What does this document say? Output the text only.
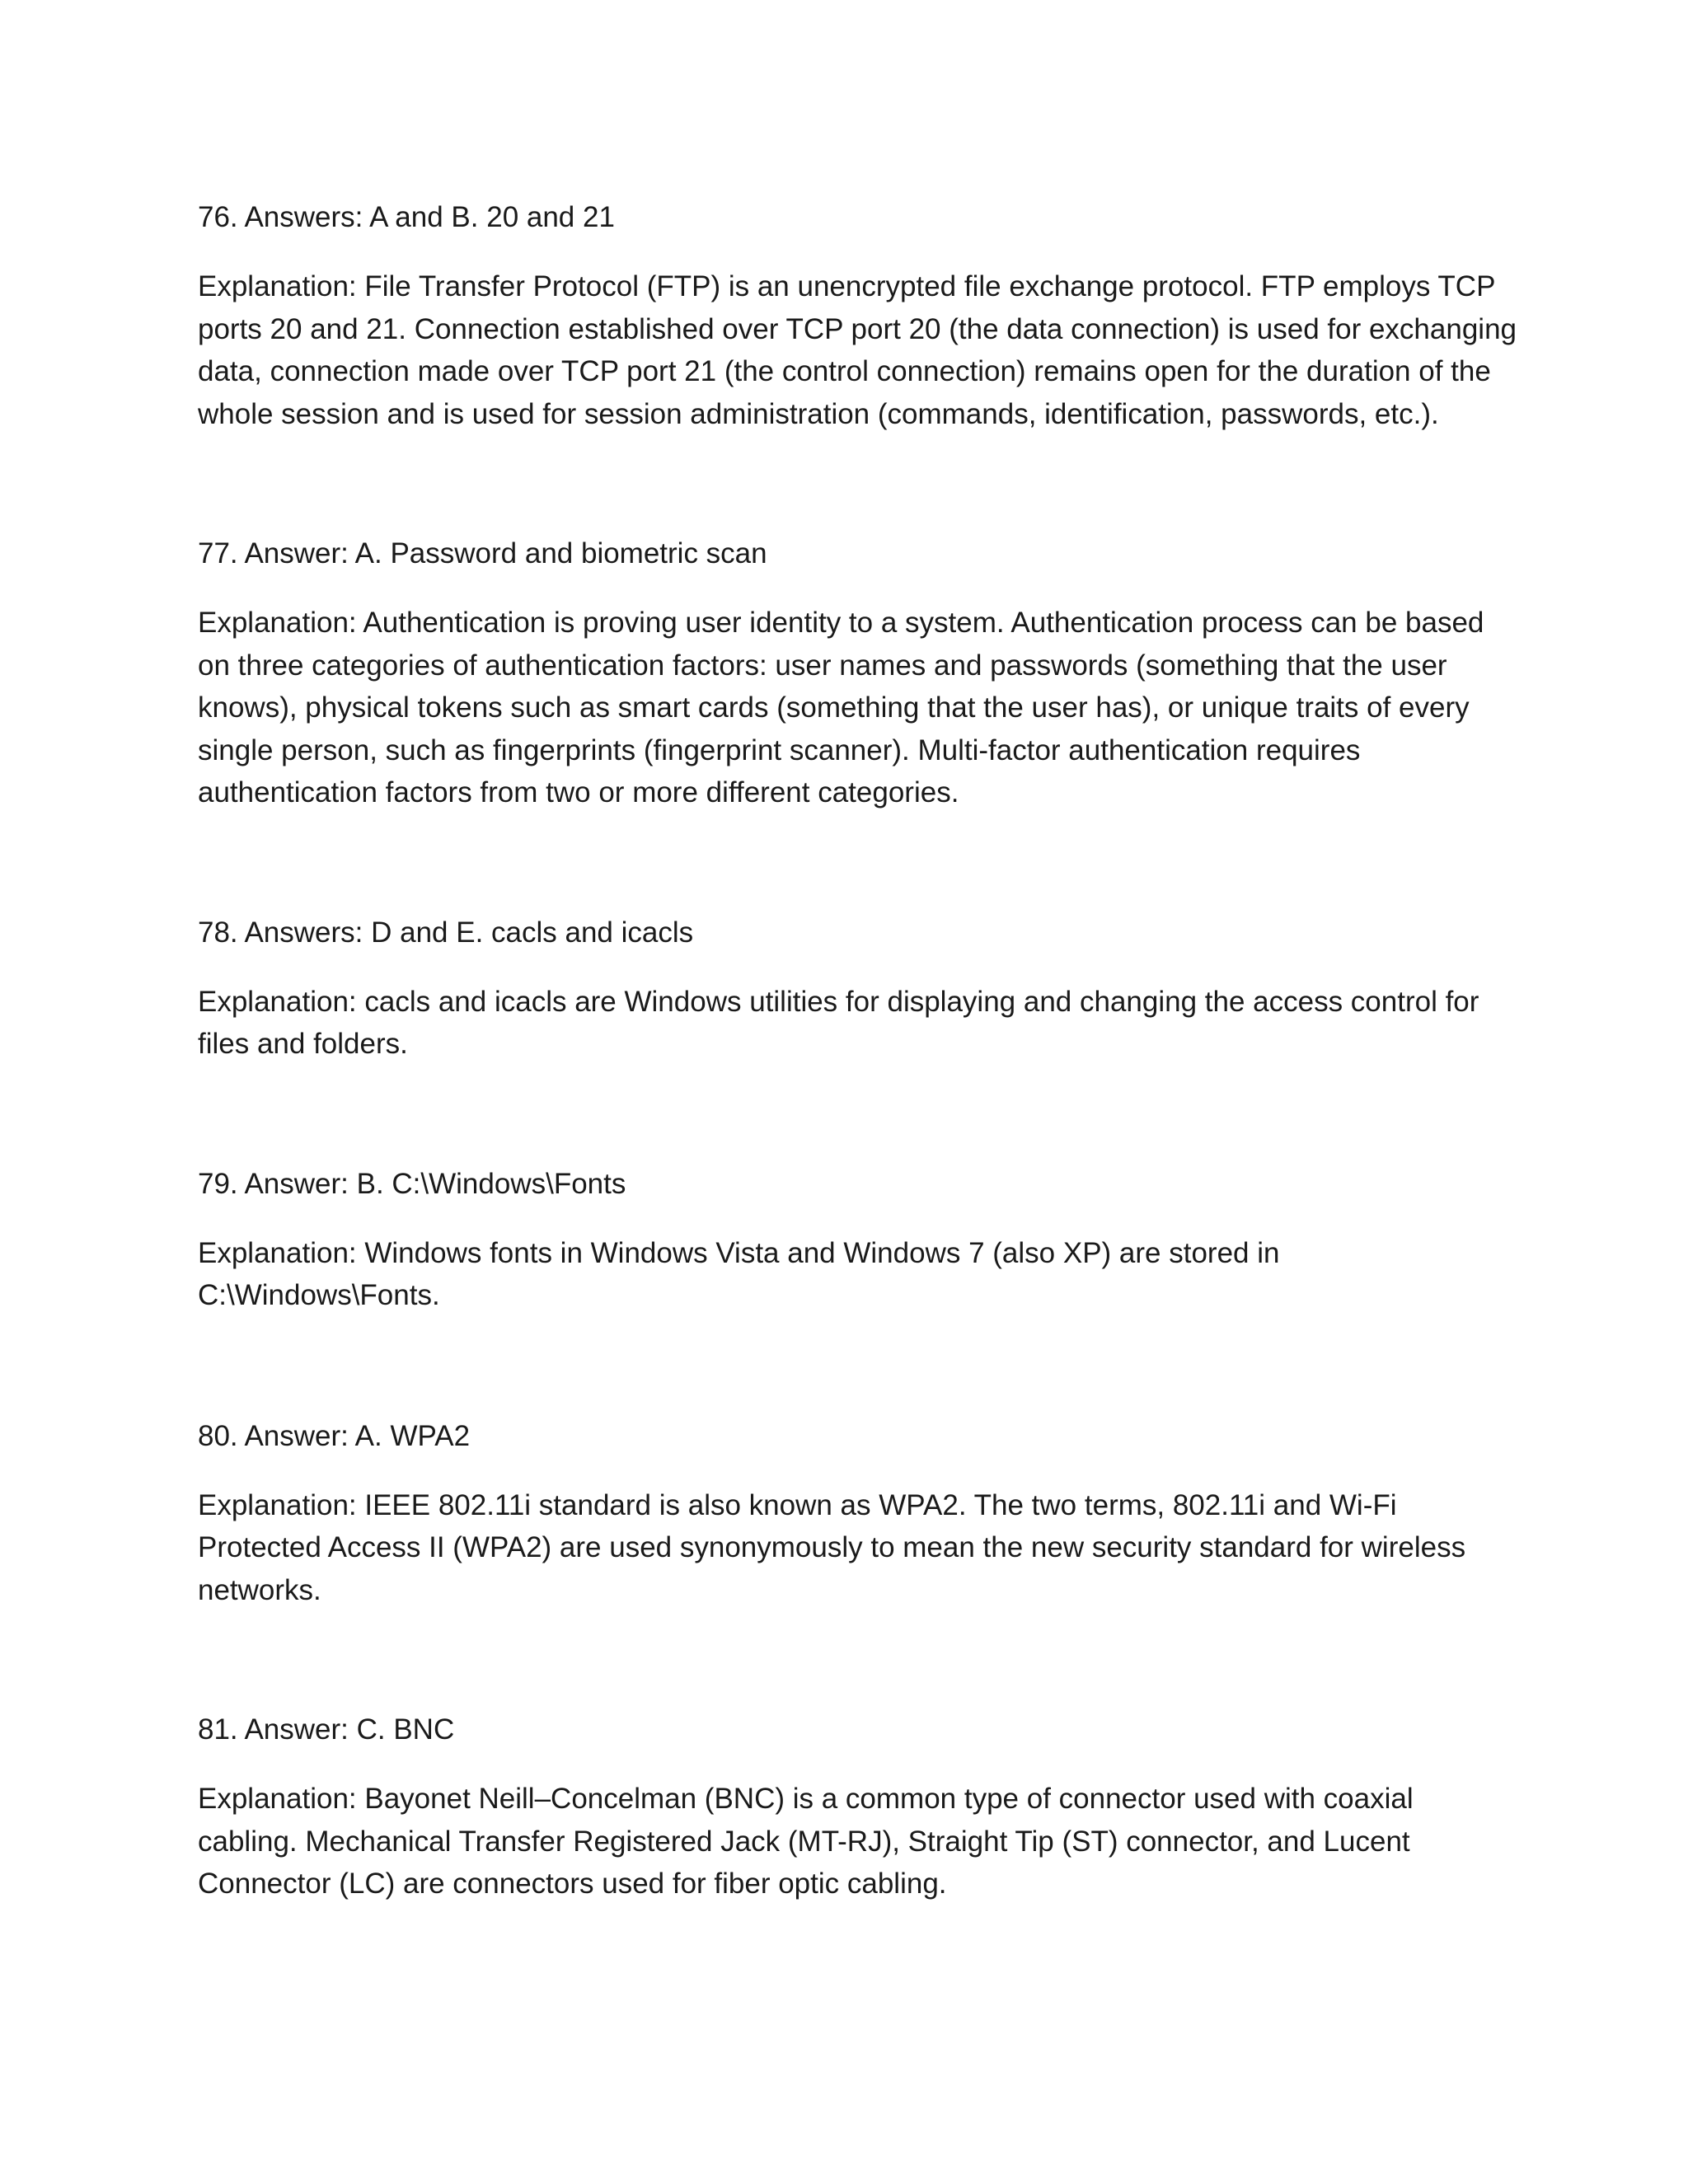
76. Answers: A and B. 20 and 21

Explanation: File Transfer Protocol (FTP) is an unencrypted file exchange protocol. FTP employs TCP ports 20 and 21. Connection established over TCP port 20 (the data connection) is used for exchanging data, connection made over TCP port 21 (the control connection) remains open for the duration of the whole session and is used for session administration (commands, identification, passwords, etc.).

77. Answer: A. Password and biometric scan

Explanation: Authentication is proving user identity to a system. Authentication process can be based on three categories of authentication factors: user names and passwords (something that the user knows), physical tokens such as smart cards (something that the user has), or unique traits of every single person, such as fingerprints (fingerprint scanner). Multi-factor authentication requires authentication factors from two or more different categories.

78. Answers: D and E. cacls and icacls

Explanation: cacls and icacls are Windows utilities for displaying and changing the access control for files and folders.

79. Answer: B. C:\Windows\Fonts

Explanation: Windows fonts in Windows Vista and Windows 7 (also XP) are stored in C:\Windows\Fonts.

80. Answer: A. WPA2

Explanation: IEEE 802.11i standard is also known as WPA2. The two terms, 802.11i and Wi-Fi Protected Access II (WPA2) are used synonymously to mean the new security standard for wireless networks.

81. Answer: C. BNC

Explanation: Bayonet Neill–Concelman (BNC) is a common type of connector used with coaxial cabling. Mechanical Transfer Registered Jack (MT-RJ), Straight Tip (ST) connector, and Lucent Connector (LC) are connectors used for fiber optic cabling.
